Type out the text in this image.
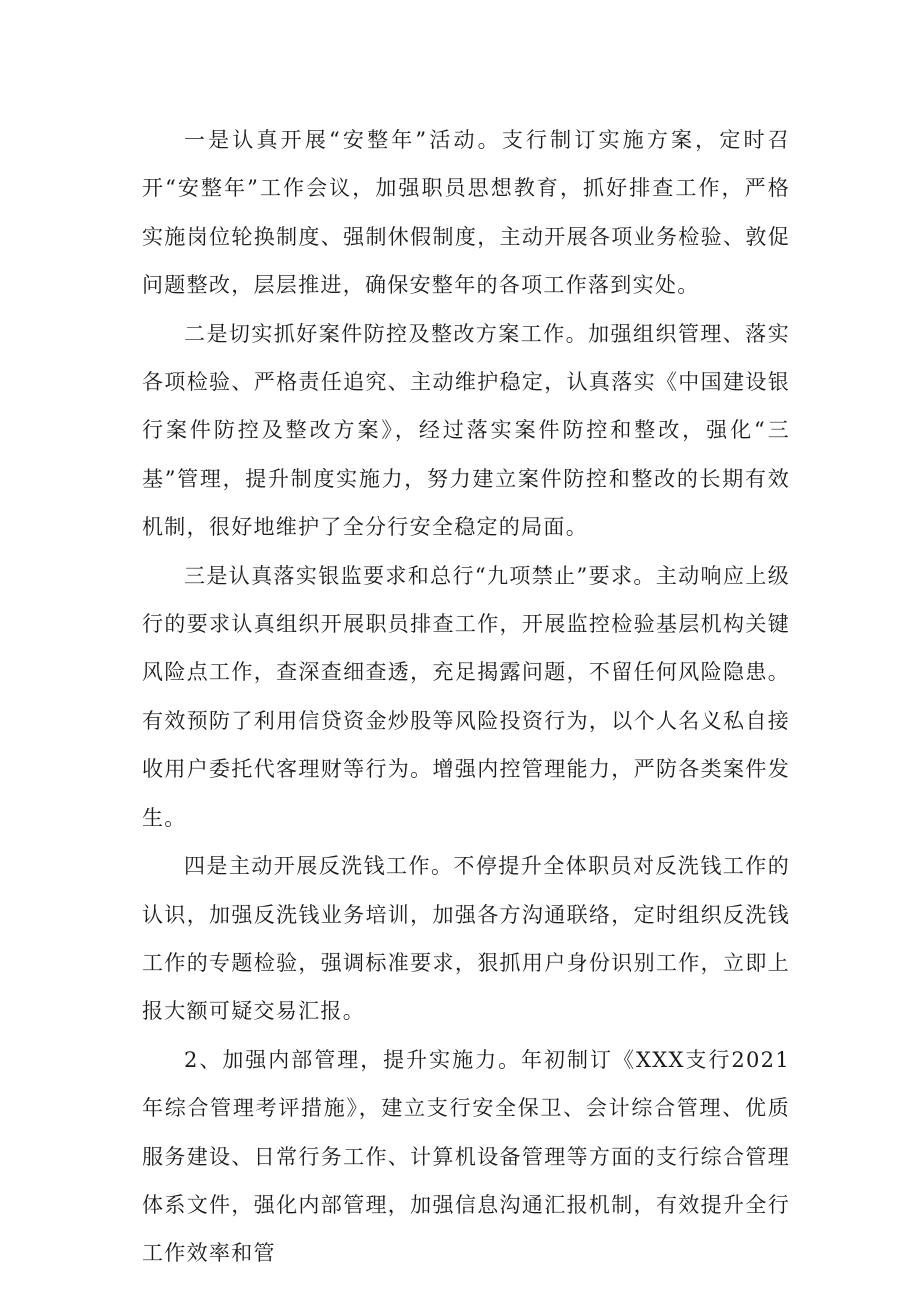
一是认真开展“安整年”活动。支行制订实施方案，定时召开“安整年”工作会议，加强职员思想教育，抓好排查工作，严格实施岗位轮换制度、强制休假制度，主动开展各项业务检验、敦促问题整改，层层推进，确保安整年的各项工作落到实处。

二是切实抓好案件防控及整改方案工作。加强组织管理、落实各项检验、严格责任追究、主动维护稳定，认真落实《中国建设银行案件防控及整改方案》，经过落实案件防控和整改，强化“三基”管理，提升制度实施力，努力建立案件防控和整改的长期有效机制，很好地维护了全分行安全稳定的局面。

三是认真落实银监要求和总行“九项禁止”要求。主动响应上级行的要求认真组织开展职员排查工作，开展监控检验基层机构关键风险点工作，查深查细查透，充足揭露问题，不留任何风险隐患。有效预防了利用信贷资金炒股等风险投资行为，以个人名义私自接收用户委托代客理财等行为。增强内控管理能力，严防各类案件发生。

四是主动开展反洗钱工作。不停提升全体职员对反洗钱工作的认识，加强反洗钱业务培训，加强各方沟通联络，定时组织反洗钱工作的专题检验，强调标准要求，狠抓用户身份识别工作，立即上报大额可疑交易汇报。

2、加强内部管理，提升实施力。年初制订《XXX支行2021年综合管理考评措施》，建立支行安全保卫、会计综合管理、优质服务建设、日常行务工作、计算机设备管理等方面的支行综合管理体系文件，强化内部管理，加强信息沟通汇报机制，有效提升全行工作效率和管
